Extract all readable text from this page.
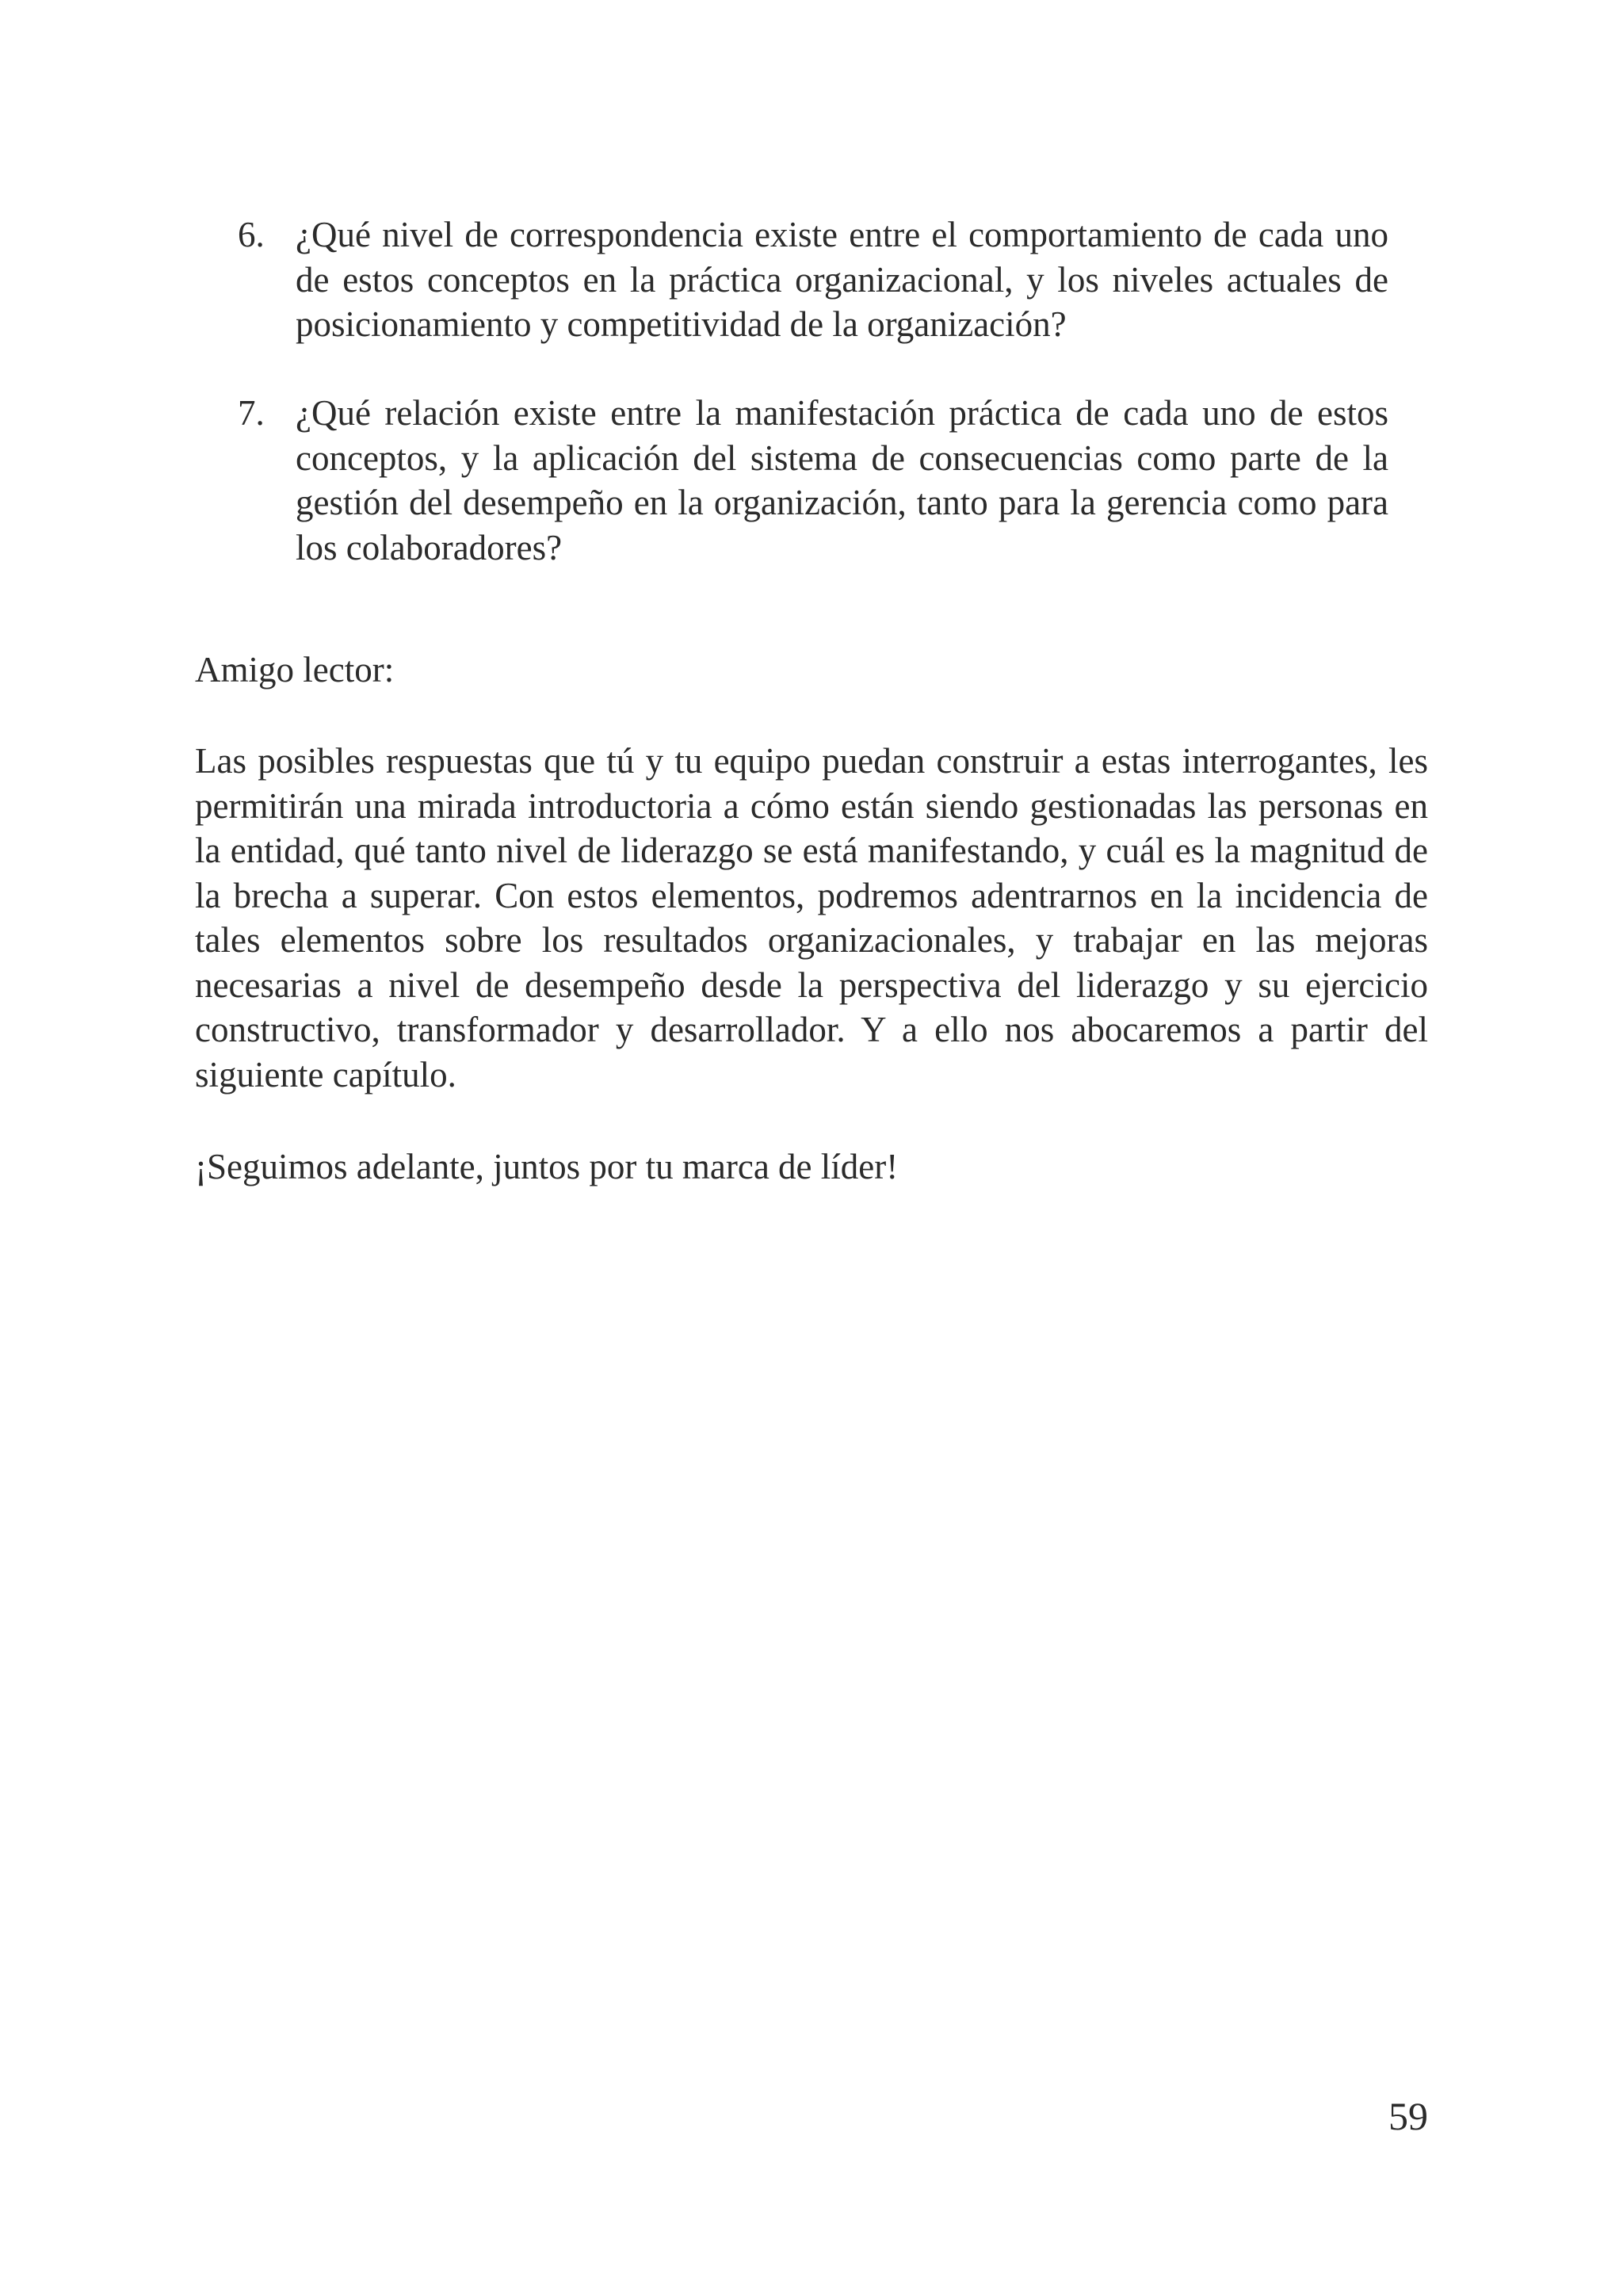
6. ¿Qué nivel de correspondencia existe entre el comportamiento de cada uno de estos conceptos en la práctica organizacional, y los niveles actuales de posicionamiento y competitividad de la organización?

7. ¿Qué relación existe entre la manifestación práctica de cada uno de estos conceptos, y la aplicación del sistema de consecuencias como parte de la gestión del desempeño en la organización, tanto para la gerencia como para los colaboradores?

Amigo lector:

Las posibles respuestas que tú y tu equipo puedan construir a estas interrogantes, les permitirán una mirada introductoria a cómo están siendo gestionadas las personas en la entidad, qué tanto nivel de liderazgo se está manifestando, y cuál es la magnitud de la brecha a superar. Con estos elementos, podremos adentrarnos en la incidencia de tales elementos sobre los resultados organizacionales, y trabajar en las mejoras necesarias a nivel de desempeño desde la perspectiva del liderazgo y su ejercicio constructivo, transformador y desarrollador. Y a ello nos abocaremos a partir del siguiente capítulo.

¡Seguimos adelante, juntos por tu marca de líder!

59
